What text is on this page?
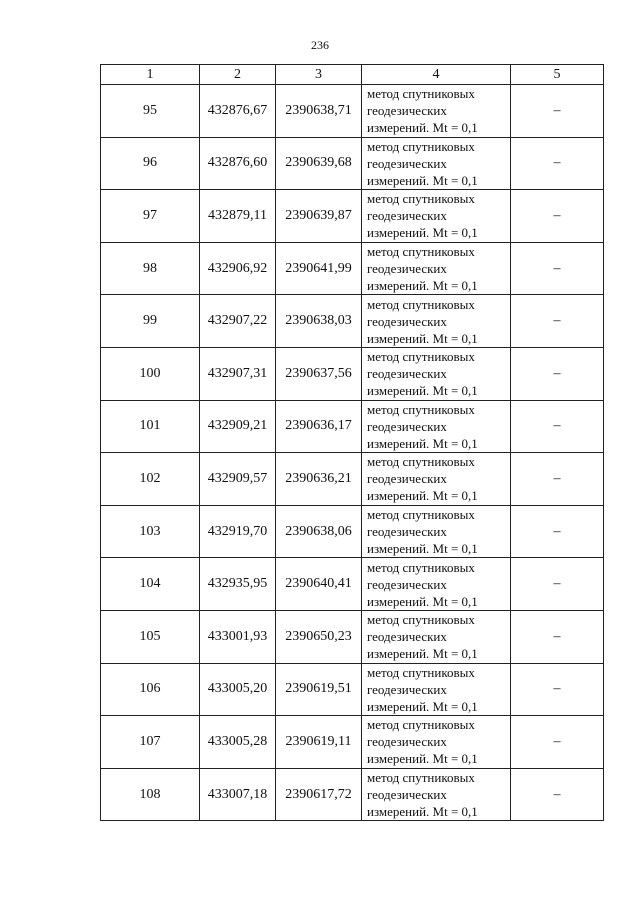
236
1	2	3	4	5
95	432876,67	2390638,71	метод спутниковых
геодезических
измерений. Mt = 0,1	–
96	432876,60	2390639,68	метод спутниковых
геодезических
измерений. Mt = 0,1	–
97	432879,11	2390639,87	метод спутниковых
геодезических
измерений. Mt = 0,1	–
98	432906,92	2390641,99	метод спутниковых
геодезических
измерений. Mt = 0,1	–
99	432907,22	2390638,03	метод спутниковых
геодезических
измерений. Mt = 0,1	–
100	432907,31	2390637,56	метод спутниковых
геодезических
измерений. Mt = 0,1	–
101	432909,21	2390636,17	метод спутниковых
геодезических
измерений. Mt = 0,1	–
102	432909,57	2390636,21	метод спутниковых
геодезических
измерений. Mt = 0,1	–
103	432919,70	2390638,06	метод спутниковых
геодезических
измерений. Mt = 0,1	–
104	432935,95	2390640,41	метод спутниковых
геодезических
измерений. Mt = 0,1	–
105	433001,93	2390650,23	метод спутниковых
геодезических
измерений. Mt = 0,1	–
106	433005,20	2390619,51	метод спутниковых
геодезических
измерений. Mt = 0,1	–
107	433005,28	2390619,11	метод спутниковых
геодезических
измерений. Mt = 0,1	–
108	433007,18	2390617,72	метод спутниковых
геодезических
измерений. Mt = 0,1	–
